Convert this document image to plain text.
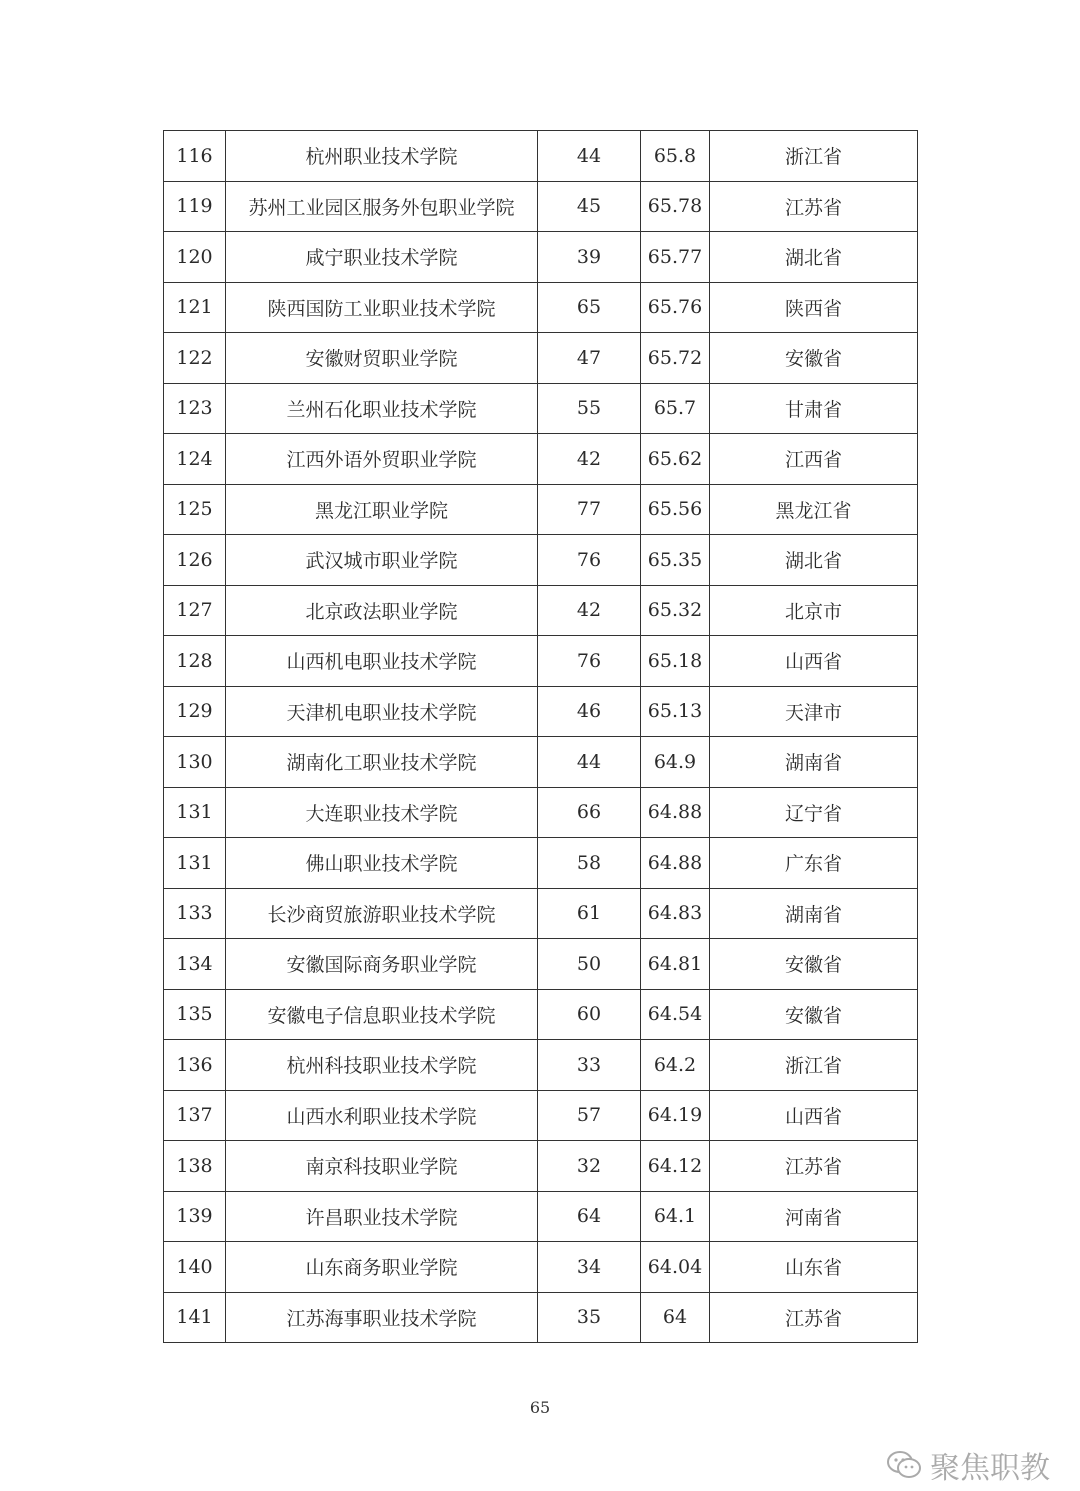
116	杭州职业技术学院	44	65.8	浙江省
119	苏州工业园区服务外包职业学院	45	65.78	江苏省
120	咸宁职业技术学院	39	65.77	湖北省
121	陕西国防工业职业技术学院	65	65.76	陕西省
122	安徽财贸职业学院	47	65.72	安徽省
123	兰州石化职业技术学院	55	65.7	甘肃省
124	江西外语外贸职业学院	42	65.62	江西省
125	黑龙江职业学院	77	65.56	黑龙江省
126	武汉城市职业学院	76	65.35	湖北省
127	北京政法职业学院	42	65.32	北京市
128	山西机电职业技术学院	76	65.18	山西省
129	天津机电职业技术学院	46	65.13	天津市
130	湖南化工职业技术学院	44	64.9	湖南省
131	大连职业技术学院	66	64.88	辽宁省
131	佛山职业技术学院	58	64.88	广东省
133	长沙商贸旅游职业技术学院	61	64.83	湖南省
134	安徽国际商务职业学院	50	64.81	安徽省
135	安徽电子信息职业技术学院	60	64.54	安徽省
136	杭州科技职业技术学院	33	64.2	浙江省
137	山西水利职业技术学院	57	64.19	山西省
138	南京科技职业学院	32	64.12	江苏省
139	许昌职业技术学院	64	64.1	河南省
140	山东商务职业学院	34	64.04	山东省
141	江苏海事职业技术学院	35	64	江苏省
65
聚焦职教
